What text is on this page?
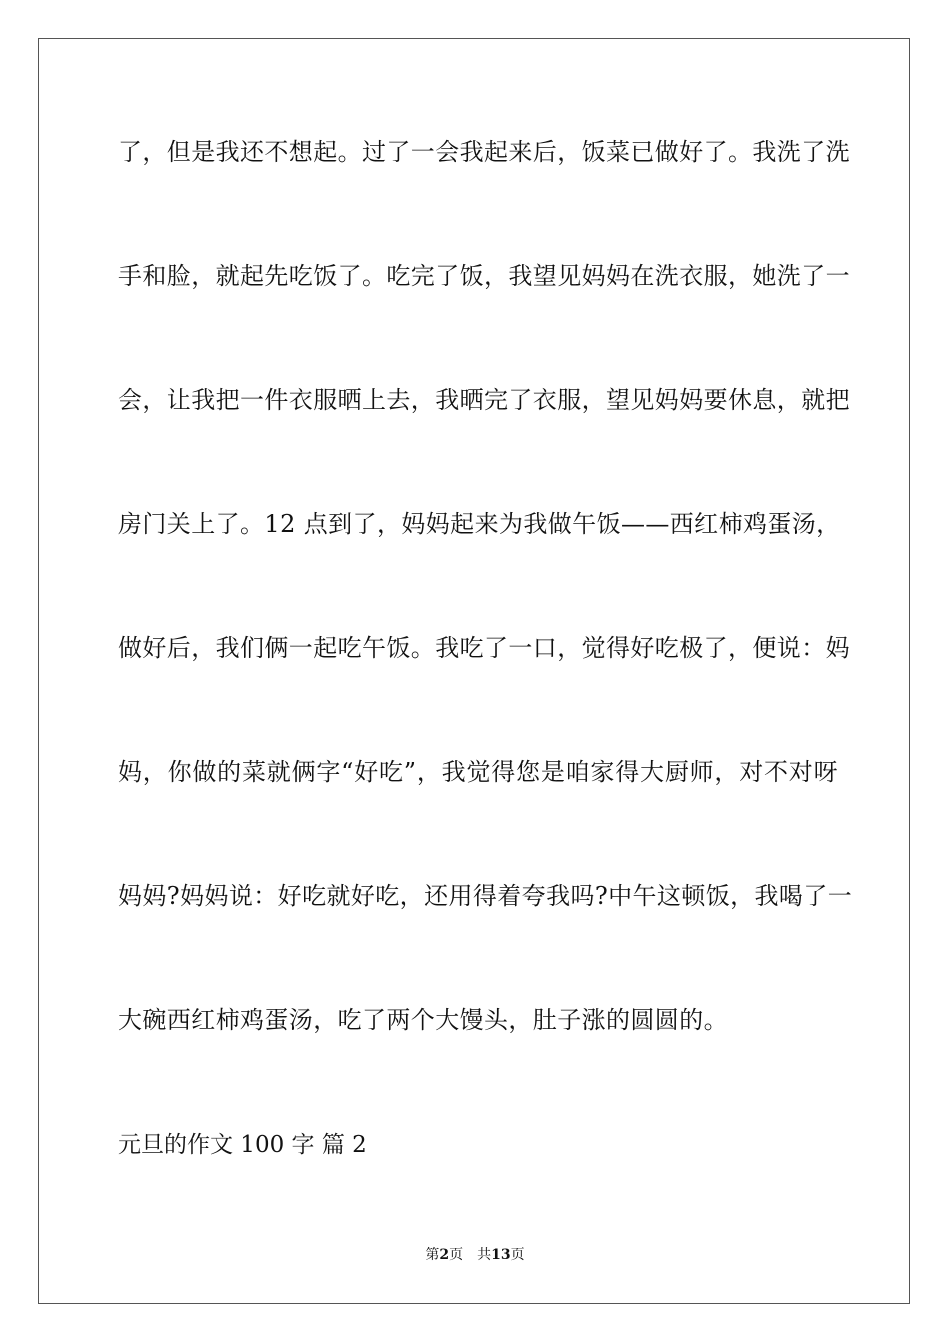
了，但是我还不想起。过了一会我起来后，饭菜已做好了。我洗了洗
手和脸，就起先吃饭了。吃完了饭，我望见妈妈在洗衣服，她洗了一
会，让我把一件衣服晒上去，我晒完了衣服，望见妈妈要休息，就把
房门关上了。12 点到了，妈妈起来为我做午饭——西红柿鸡蛋汤，
做好后，我们俩一起吃午饭。我吃了一口，觉得好吃极了，便说：妈
妈，你做的菜就俩字“好吃”，我觉得您是咱家得大厨师，对不对呀
妈妈?妈妈说：好吃就好吃，还用得着夸我吗?中午这顿饭，我喝了一
大碗西红柿鸡蛋汤，吃了两个大馒头，肚子涨的圆圆的。
元旦的作文 100 字 篇 2
第2页 共13页
